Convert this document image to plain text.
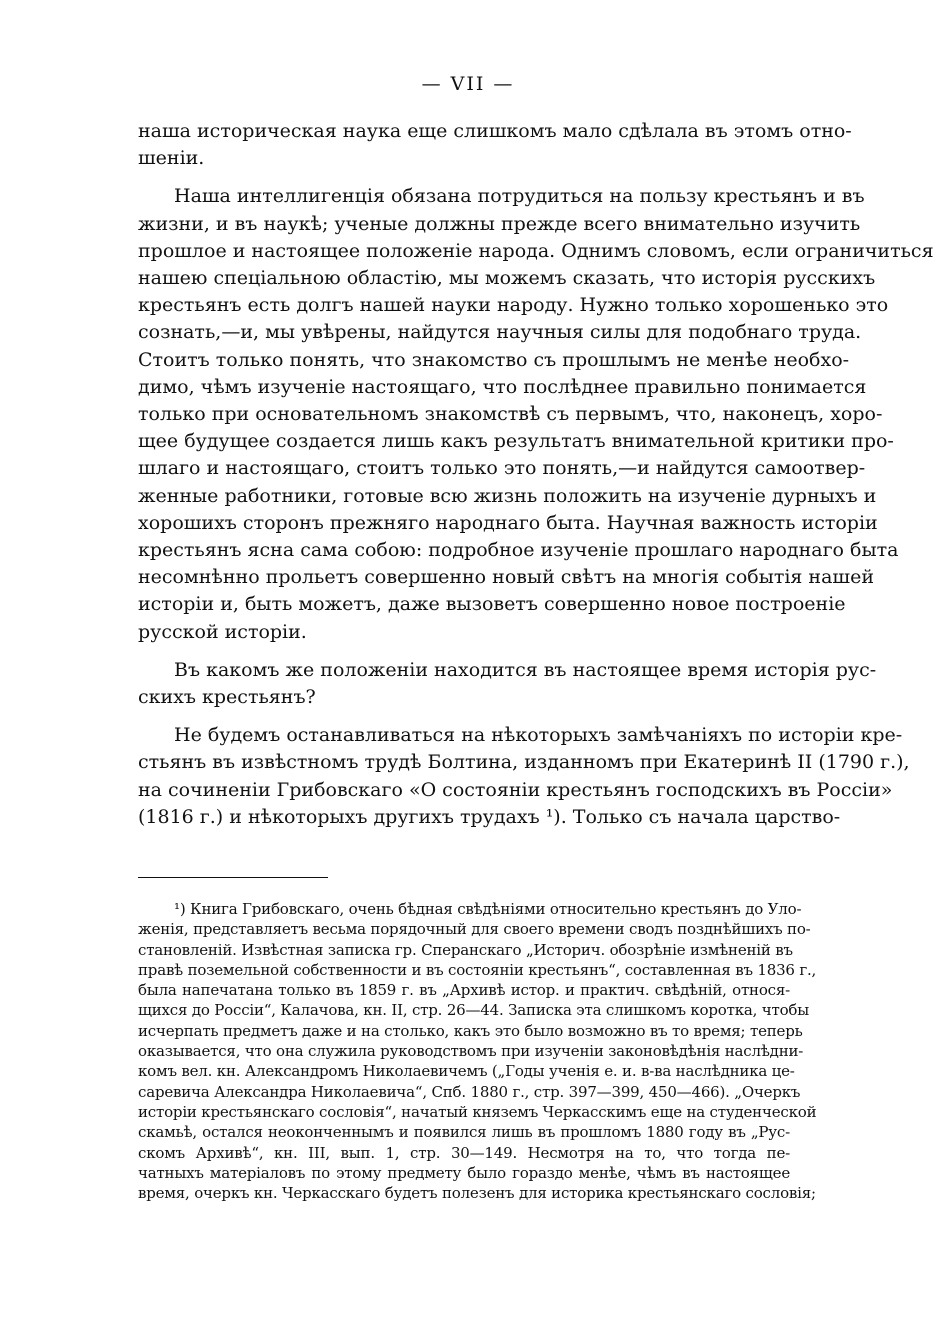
— VII —
наша историческая наука еще слишкомъ мало сдѣлала въ этомъ отно-
шеніи.
Наша интеллигенція обязана потрудиться на пользу крестьянъ и въ
жизни, и въ наукѣ; ученые должны прежде всего внимательно изучить
прошлое и настоящее положеніе народа. Однимъ словомъ, если ограничиться
нашею спеціальною областію, мы можемъ сказать, что исторія русскихъ
крестьянъ есть долгъ нашей науки народу. Нужно только хорошенько это
сознать,—и, мы увѣрены, найдутся научныя силы для подобнаго труда.
Стоитъ только понять, что знакомство съ прошлымъ не менѣе необхо-
димо, чѣмъ изученіе настоящаго, что послѣднее правильно понимается
только при основательномъ знакомствѣ съ первымъ, что, наконецъ, хоро-
щее будущее создается лишь какъ результатъ внимательной критики про-
шлаго и настоящаго, стоитъ только это понять,—и найдутся самоотвер-
женные работники, готовые всю жизнь положить на изученіе дурныхъ и
хорошихъ сторонъ прежняго народнаго быта. Научная важность исторіи
крестьянъ ясна сама собою: подробное изученіе прошлаго народнаго быта
несомнѣнно прольетъ совершенно новый свѣтъ на многія событія нашей
исторіи и, быть можетъ, даже вызоветъ совершенно новое построеніе
русской исторіи.
Въ какомъ же положеніи находится въ настоящее время исторія рус-
скихъ крестьянъ?
Не будемъ останавливаться на нѣкоторыхъ замѣчаніяхъ по исторіи кре-
стьянъ въ извѣстномъ трудѣ Болтина, изданномъ при Екатеринѣ II (1790 г.),
на сочиненіи Грибовскаго «О состояніи крестьянъ господскихъ въ Россіи»
(1816 г.) и нѣкоторыхъ другихъ трудахъ ¹). Только съ начала царство-
¹) Книга Грибовскаго, очень бѣдная свѣдѣніями относительно крестьянъ до Уло-
женія, представляетъ весьма порядочный для своего времени сводъ позднѣйшихъ по-
становленій. Извѣстная записка гр. Сперанскаго „Историч. обозрѣніе измѣненій въ
правѣ поземельной собственности и въ состояніи крестьянъ“, составленная въ 1836 г.,
была напечатана только въ 1859 г. въ „Архивѣ истор. и практич. свѣдѣній, относя-
щихся до Россіи“, Калачова, кн. II, стр. 26—44. Записка эта слишкомъ коротка, чтобы
исчерпать предметъ даже и на столько, какъ это было возможно въ то время; теперь
оказывается, что она служила руководствомъ при изученіи законовѣдѣнія наслѣдни-
комъ вел. кн. Александромъ Николаевичемъ („Годы ученія е. и. в-ва наслѣдника це-
саревича Александра Николаевича“, Спб. 1880 г., стр. 397—399, 450—466). „Очеркъ
исторіи крестьянскаго сословія“, начатый княземъ Черкасскимъ еще на студенческой
скамьѣ, остался неоконченнымъ и появился лишь въ прошломъ 1880 году въ „Рус-
скомъ Архивѣ“, кн. III, вып. 1, стр. 30—149. Несмотря на то, что тогда пе-
чатныхъ матеріаловъ по этому предмету было гораздо менѣе, чѣмъ въ настоящее
время, очеркъ кн. Черкасскаго будетъ полезенъ для историка крестьянскаго сословія;
